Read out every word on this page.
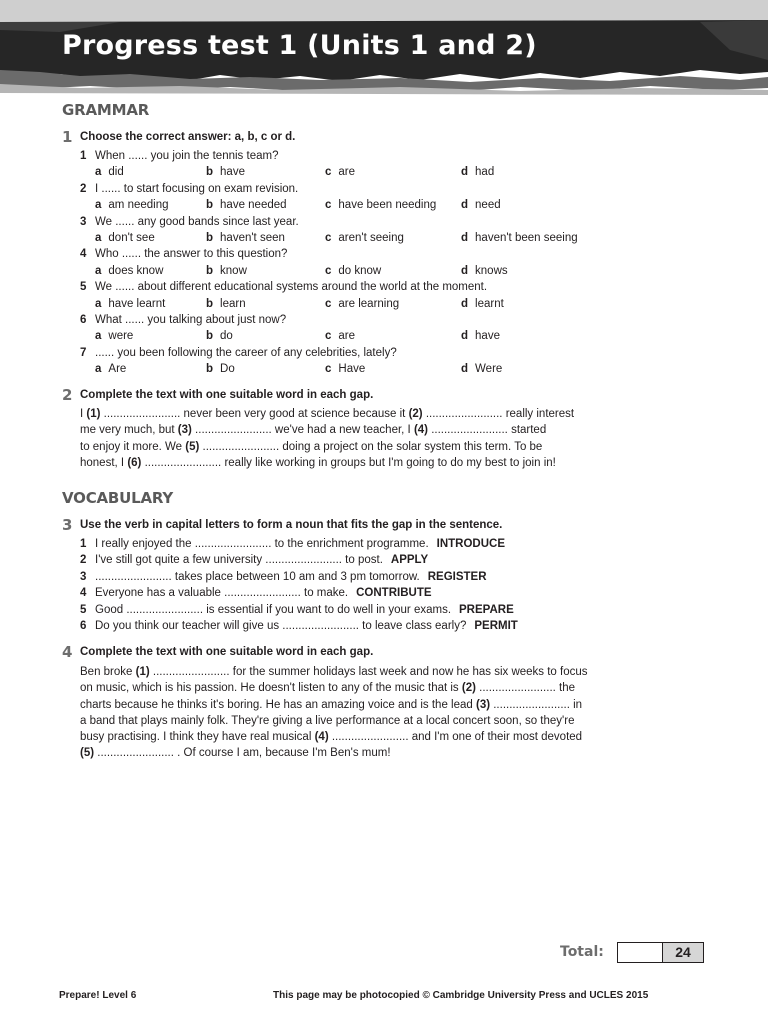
Progress test 1 (Units 1 and 2)
GRAMMAR
1 Choose the correct answer: a, b, c or d.
1 When ...... you join the tennis team?
a did	b have	c are	d had
2 I ...... to start focusing on exam revision.
a am needing	b have needed	c have been needing d need
3 We ...... any good bands since last year.
a don't see	b haven't seen	c aren't seeing	d haven't been seeing
4 Who ...... the answer to this question?
a does know	b know	c do know	d knows
5 We ...... about different educational systems around the world at the moment.
a have learnt	b learn	c are learning	d learnt
6 What ...... you talking about just now?
a were	b do	c are	d have
7 ...... you been following the career of any celebrities, lately?
a Are	b Do	c Have	d Were
2 Complete the text with one suitable word in each gap.
I (1) ........................ never been very good at science because it (2) ........................ really interest
me very much, but (3) ........................ we've had a new teacher, I (4) ........................ started
to enjoy it more. We (5) ........................ doing a project on the solar system this term. To be
honest, I (6) ........................ really like working in groups but I'm going to do my best to join in!
VOCABULARY
3 Use the verb in capital letters to form a noun that fits the gap in the sentence.
1 I really enjoyed the ........................ to the enrichment programme. INTRODUCE
2 I've still got quite a few university ........................ to post. APPLY
3 ........................ takes place between 10 am and 3 pm tomorrow. REGISTER
4 Everyone has a valuable ........................ to make. CONTRIBUTE
5 Good ........................ is essential if you want to do well in your exams. PREPARE
6 Do you think our teacher will give us ........................ to leave class early? PERMIT
4 Complete the text with one suitable word in each gap.
Ben broke (1) ........................ for the summer holidays last week and now he has six weeks to focus
on music, which is his passion. He doesn't listen to any of the music that is (2) ........................ the
charts because he thinks it's boring. He has an amazing voice and is the lead (3) ........................ in
a band that plays mainly folk. They're giving a live performance at a local concert soon, so they're
busy practising. I think they have real musical (4) ........................ and I'm one of their most devoted
(5) ........................ . Of course I am, because I'm Ben's mum!
Total:	24
Prepare! Level 6	This page may be photocopied © Cambridge University Press and UCLES 2015
